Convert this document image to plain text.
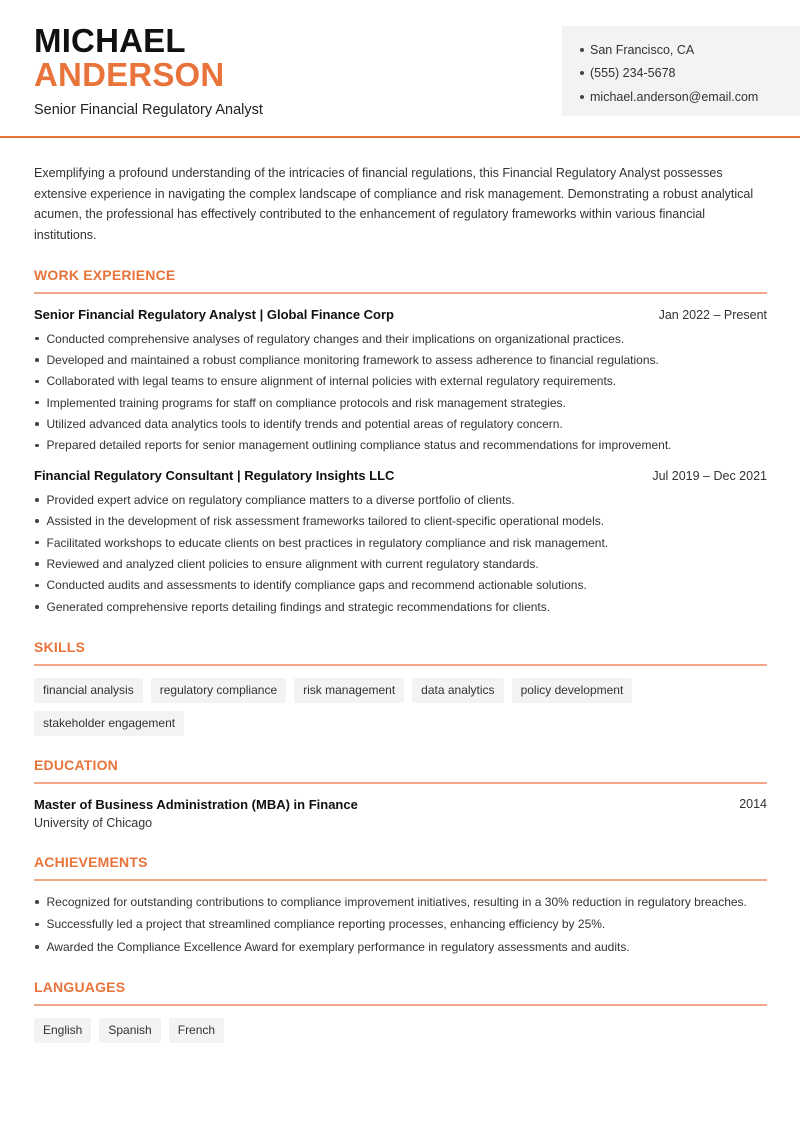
MICHAEL
ANDERSON
Senior Financial Regulatory Analyst
San Francisco, CA
(555) 234-5678
michael.anderson@email.com

Exemplifying a profound understanding of the intricacies of financial regulations, this Financial Regulatory Analyst possesses extensive experience in navigating the complex landscape of compliance and risk management. Demonstrating a robust analytical acumen, the professional has effectively contributed to the enhancement of regulatory frameworks within various financial institutions.

WORK EXPERIENCE
Senior Financial Regulatory Analyst | Global Finance Corp	Jan 2022 – Present
Conducted comprehensive analyses of regulatory changes and their implications on organizational practices.
Developed and maintained a robust compliance monitoring framework to assess adherence to financial regulations.
Collaborated with legal teams to ensure alignment of internal policies with external regulatory requirements.
Implemented training programs for staff on compliance protocols and risk management strategies.
Utilized advanced data analytics tools to identify trends and potential areas of regulatory concern.
Prepared detailed reports for senior management outlining compliance status and recommendations for improvement.
Financial Regulatory Consultant | Regulatory Insights LLC	Jul 2019 – Dec 2021
Provided expert advice on regulatory compliance matters to a diverse portfolio of clients.
Assisted in the development of risk assessment frameworks tailored to client-specific operational models.
Facilitated workshops to educate clients on best practices in regulatory compliance and risk management.
Reviewed and analyzed client policies to ensure alignment with current regulatory standards.
Conducted audits and assessments to identify compliance gaps and recommend actionable solutions.
Generated comprehensive reports detailing findings and strategic recommendations for clients.
SKILLS
financial analysis	regulatory compliance	risk management	data analytics	policy development
stakeholder engagement
EDUCATION
Master of Business Administration (MBA) in Finance	2014
University of Chicago
ACHIEVEMENTS
Recognized for outstanding contributions to compliance improvement initiatives, resulting in a 30% reduction in regulatory breaches.
Successfully led a project that streamlined compliance reporting processes, enhancing efficiency by 25%.
Awarded the Compliance Excellence Award for exemplary performance in regulatory assessments and audits.
LANGUAGES
English	Spanish	French
